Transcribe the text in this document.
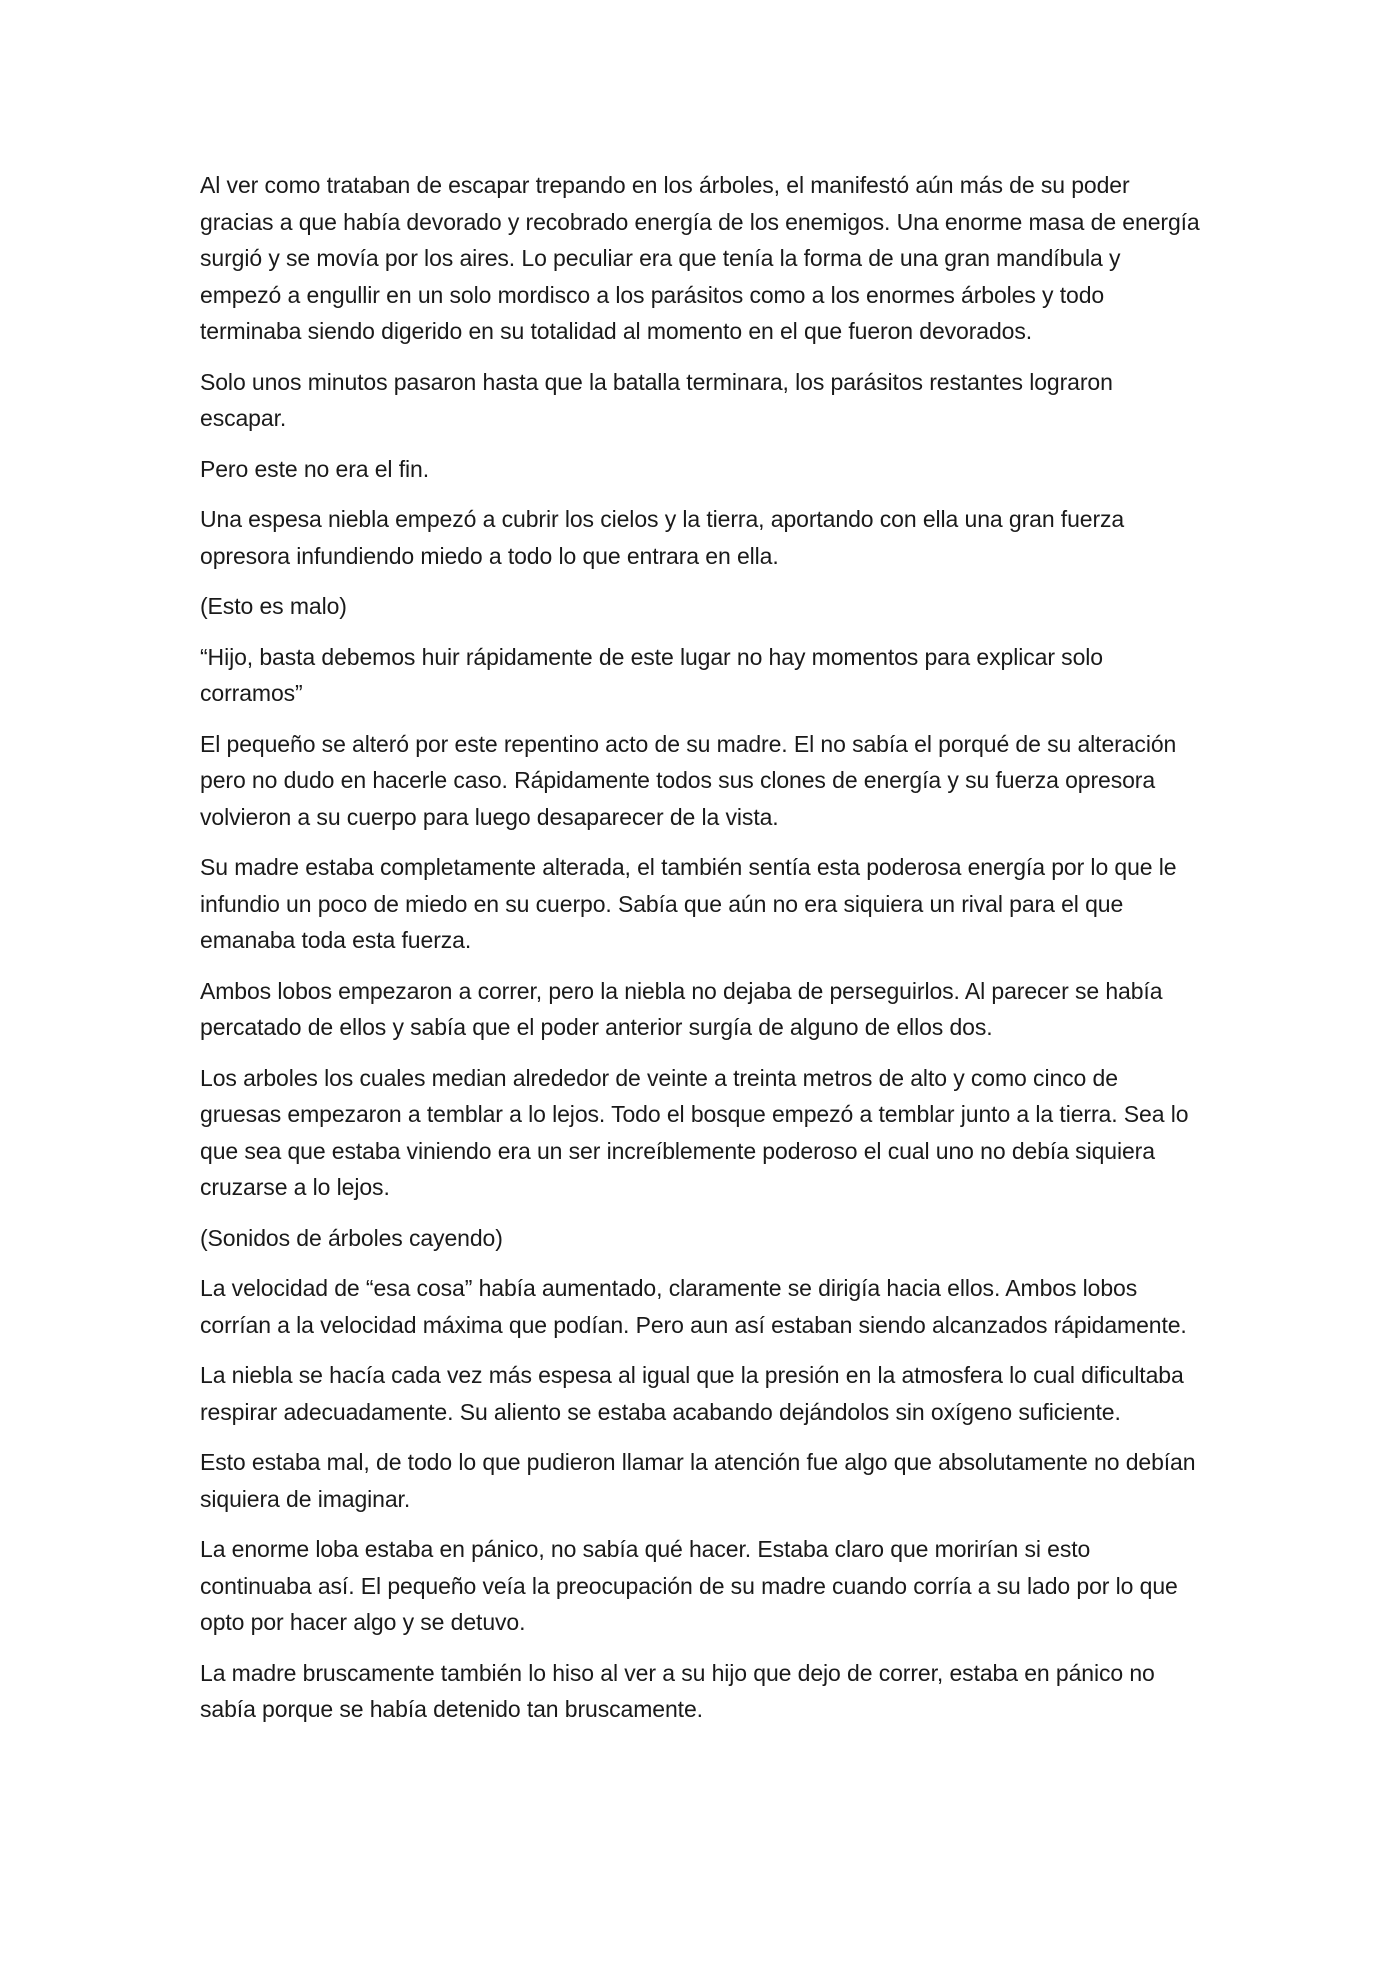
Al ver como trataban de escapar trepando en los árboles, el manifestó aún más de su poder gracias a que había devorado y recobrado energía de los enemigos. Una enorme masa de energía surgió y se movía por los aires. Lo peculiar era que tenía la forma de una gran mandíbula y empezó a engullir en un solo mordisco a los parásitos como a los enormes árboles y todo terminaba siendo digerido en su totalidad al momento en el que fueron devorados.

Solo unos minutos pasaron hasta que la batalla terminara, los parásitos restantes lograron escapar.

Pero este no era el fin.

Una espesa niebla empezó a cubrir los cielos y la tierra, aportando con ella una gran fuerza opresora infundiendo miedo a todo lo que entrara en ella.

(Esto es malo)

“Hijo, basta debemos huir rápidamente de este lugar no hay momentos para explicar solo corramos”

El pequeño se alteró por este repentino acto de su madre. El no sabía el porqué de su alteración pero no dudo en hacerle caso. Rápidamente todos sus clones de energía y su fuerza opresora volvieron a su cuerpo para luego desaparecer de la vista.

Su madre estaba completamente alterada, el también sentía esta poderosa energía por lo que le infundio un poco de miedo en su cuerpo. Sabía que aún no era siquiera un rival para el que emanaba toda esta fuerza.

Ambos lobos empezaron a correr, pero la niebla no dejaba de perseguirlos. Al parecer se había percatado de ellos y sabía que el poder anterior surgía de alguno de ellos dos.

Los arboles los cuales median alrededor de veinte a treinta metros de alto y como cinco de gruesas empezaron a temblar a lo lejos. Todo el bosque empezó a temblar junto a la tierra. Sea lo que sea que estaba viniendo era un ser increíblemente poderoso el cual uno no debía siquiera cruzarse a lo lejos.

(Sonidos de árboles cayendo)

La velocidad de “esa cosa” había aumentado, claramente se dirigía hacia ellos. Ambos lobos corrían a la velocidad máxima que podían. Pero aun así estaban siendo alcanzados rápidamente.

La niebla se hacía cada vez más espesa al igual que la presión en la atmosfera lo cual dificultaba respirar adecuadamente. Su aliento se estaba acabando dejándolos sin oxígeno suficiente.

Esto estaba mal, de todo lo que pudieron llamar la atención fue algo que absolutamente no debían siquiera de imaginar.

La enorme loba estaba en pánico, no sabía qué hacer. Estaba claro que morirían si esto continuaba así. El pequeño veía la preocupación de su madre cuando corría a su lado por lo que opto por hacer algo y se detuvo.

La madre bruscamente también lo hiso al ver a su hijo que dejo de correr, estaba en pánico no sabía porque se había detenido tan bruscamente.
